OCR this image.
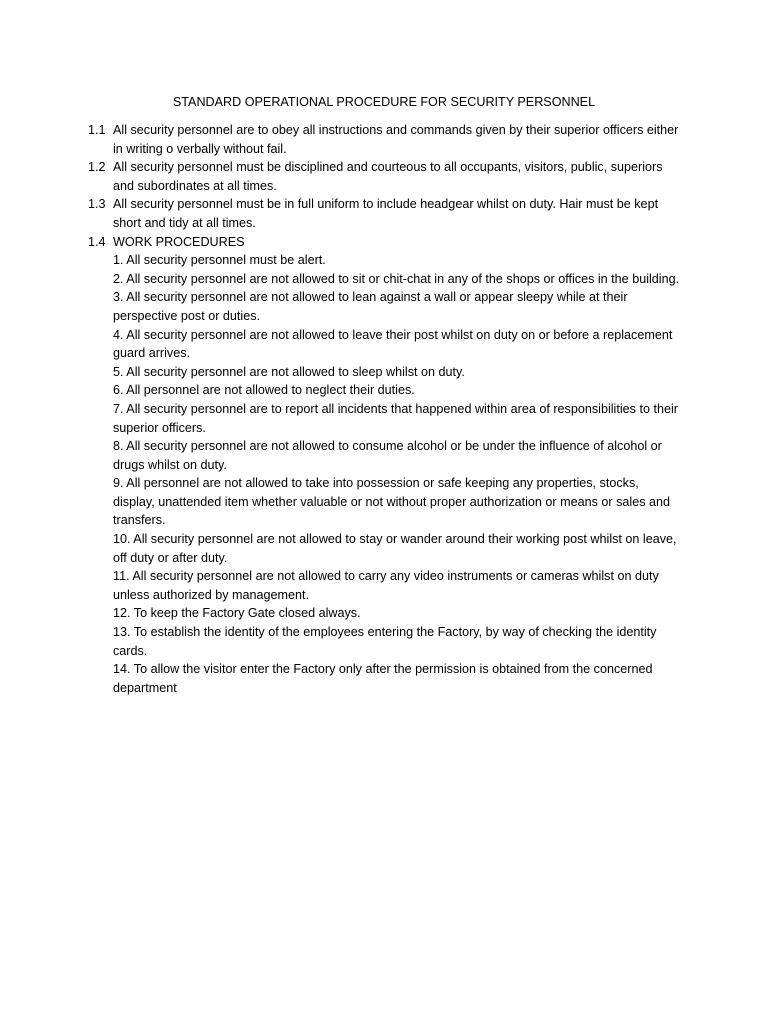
STANDARD OPERATIONAL PROCEDURE FOR SECURITY PERSONNEL
1.1 All security personnel are to obey all instructions and commands given by their superior officers either in writing o verbally without fail.
1.2 All security personnel must be disciplined and courteous to all occupants, visitors, public, superiors and subordinates at all times.
1.3 All security personnel must be in full uniform to include headgear whilst on duty. Hair must be kept short and tidy at all times.
1.4 WORK PROCEDURES
1. All security personnel must be alert.
2. All security personnel are not allowed to sit or chit-chat in any of the shops or offices in the building.
3. All security personnel are not allowed to lean against a wall or appear sleepy while at their perspective post or duties.
4. All security personnel are not allowed to leave their post whilst on duty on or before a replacement guard arrives.
5. All security personnel are not allowed to sleep whilst on duty.
6. All personnel are not allowed to neglect their duties.
7. All security personnel are to report all incidents that happened within area of responsibilities to their superior officers.
8. All security personnel are not allowed to consume alcohol or be under the influence of alcohol or drugs whilst on duty.
9. All personnel are not allowed to take into possession or safe keeping any properties, stocks, display, unattended item whether valuable or not without proper authorization or means or sales and transfers.
10. All security personnel are not allowed to stay or wander around their working post whilst on leave, off duty or after duty.
11. All security personnel are not allowed to carry any video instruments or cameras whilst on duty unless authorized by management.
12. To keep the Factory Gate closed always.
13. To establish the identity of the employees entering the Factory, by way of checking the identity cards.
14. To allow the visitor enter the Factory only after the permission is obtained from the concerned department
